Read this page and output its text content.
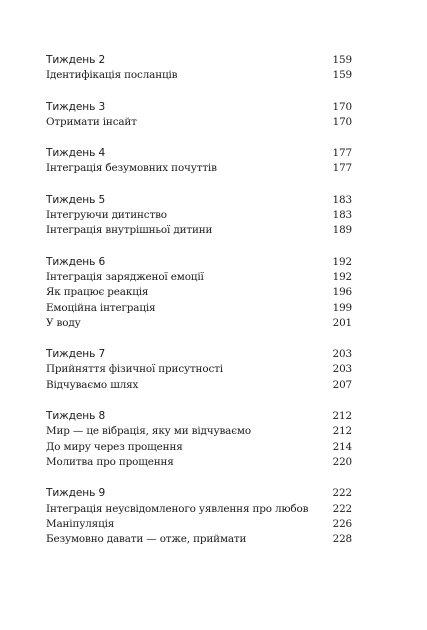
Тиждень 2	159
Ідентифікація посланців	159
Тиждень 3	170
Отримати інсайт	170
Тиждень 4	177
Інтеграція безумовних почуттів	177
Тиждень 5	183
Інтегруючи дитинство	183
Інтеграція внутрішньої дитини	189
Тиждень 6	192
Інтеграція зарядженої емоції	192
Як працює реакція	196
Емоційна інтеграція	199
У воду	201
Тиждень 7	203
Прийняття фізичної присутності	203
Відчуваємо шлях	207
Тиждень 8	212
Мир — це вібрація, яку ми відчуваємо	212
До миру через прощення	214
Молитва про прощення	220
Тиждень 9	222
Інтеграція неусвідомленого уявлення про любов	222
Маніпуляція	226
Безумовно давати — отже, приймати	228
